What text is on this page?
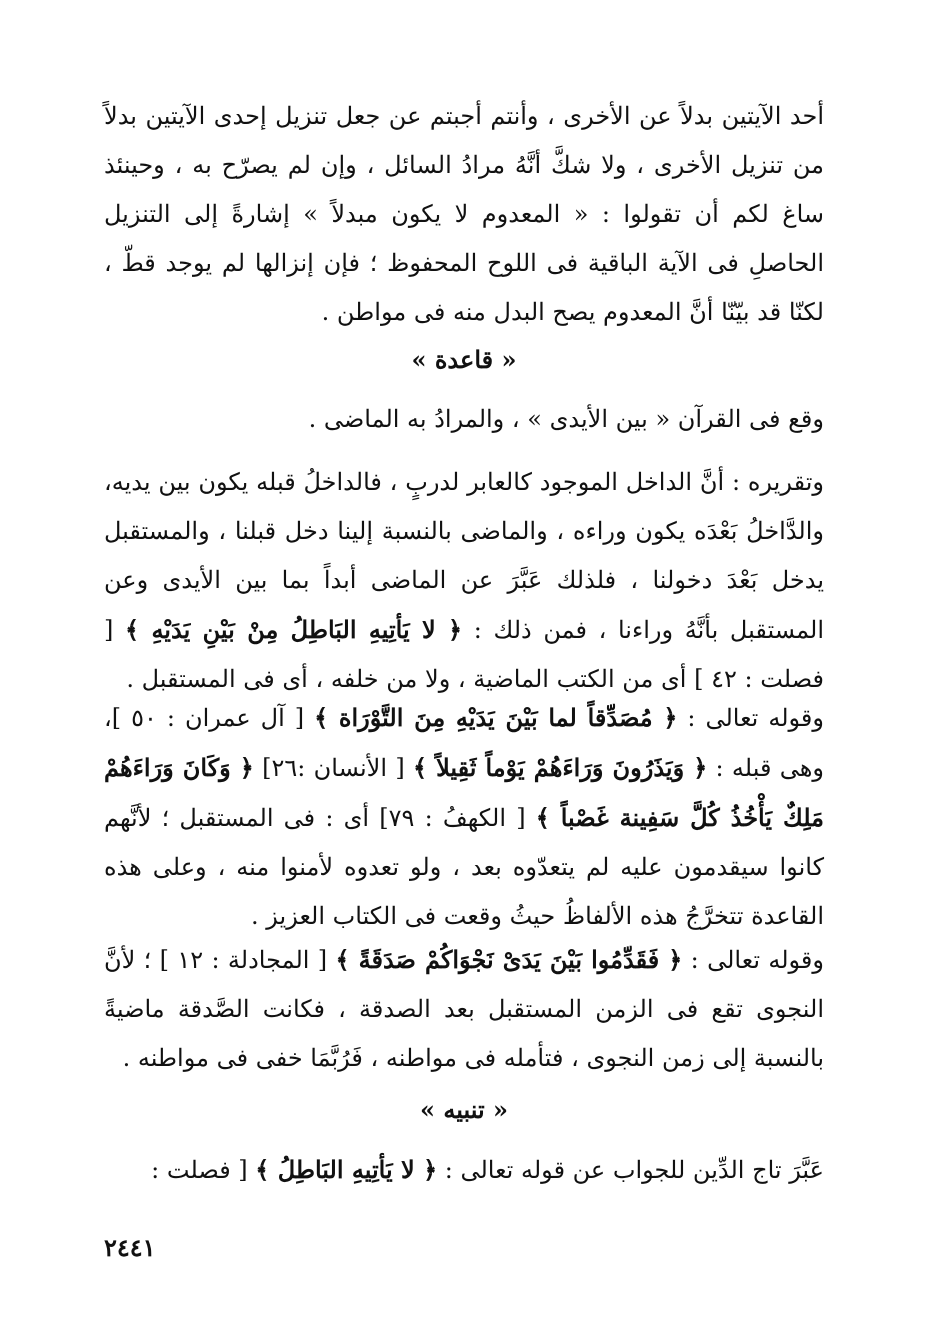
أحد الآيتين بدلاً عن الأخرى ، وأنتم أجبتم عن جعل تنزيل إحدى الآيتين بدلاً من تنزيل الأخرى ، ولا شكَّ أنَّهُ مرادُ السائل ، وإن لم يصرّح به ، وحينئذ ساغ لكم أن تقولوا : « المعدوم لا يكون مبدلاً » إشارةً إلى التنزيل الحاصلِ فى الآية الباقية فى اللوح المحفوظ ؛ فإن إنزالها لم يوجد قطّ ، لكنّا قد بيّنّا أنَّ المعدوم يصح البدل منه فى مواطن .
« قاعدة »
وقع فى القرآن « بين الأيدى » ، والمرادُ به الماضى .
وتقريره : أنَّ الداخل الموجود كالعابر لدربٍ ، فالداخلُ قبله يكون بين يديه، والدَّاخلُ بَعْدَه يكون وراءه ، والماضى بالنسبة إلينا دخل قبلنا ، والمستقبل يدخل بَعْدَ دخولنا ، فلذلك عَبَّرَ عن الماضى أبداً بما بين الأيدى وعن المستقبل بأنَّهُ وراءنا ، فمن ذلك : ﴿ لا يَأتِيهِ البَاطِلُ مِنْ بَيْنِ يَدَيْهِ ﴾ [ فصلت : ٤٢ ] أى من الكتب الماضية ، ولا من خلفه ، أى فى المستقبل .
وقوله تعالى : ﴿ مُصَدِّقاً لما بَيْنَ يَدَيْهِ مِنَ التَّوْرَاة ﴾ [ آل عمران : ٥٠ ]، وهى قبله : ﴿ وَيَذَرُونَ وَرَاءَهُمْ يَوْماً ثَقِيلاً ﴾ [ الأنسان :٢٦] ﴿ وَكَانَ وَرَاءَهُمْ مَلِكٌ يَأْخُذُ كُلَّ سَفِينة غَصْباً ﴾ [ الكهفُ : ٧٩] أى : فى المستقبل ؛ لأنَّهم كانوا سيقدمون عليه لم يتعدّوه بعد ، ولو تعدوه لأمنوا منه ، وعلى هذه القاعدة تتخرَّجُ هذه الألفاظُ حيثُ وقعت فى الكتاب العزيز .
وقوله تعالى : ﴿ فَقَدِّمُوا بَيْنَ يَدَىْ نَجْوَاكُمْ صَدَقَةً ﴾ [ المجادلة : ١٢ ] ؛ لأنَّ النجوى تقع فى الزمن المستقبل بعد الصدقة ، فكانت الصَّدقة ماضيةً بالنسبة إلى زمن النجوى ، فتأمله فى مواطنه ، فَرُبَّمَا خفى فى مواطنه .
« تنبيه »
عَبَّرَ تاج الدِّين للجواب عن قوله تعالى : ﴿ لا يَأتِيهِ البَاطِلُ ﴾ [ فصلت :
٢٤٤١
